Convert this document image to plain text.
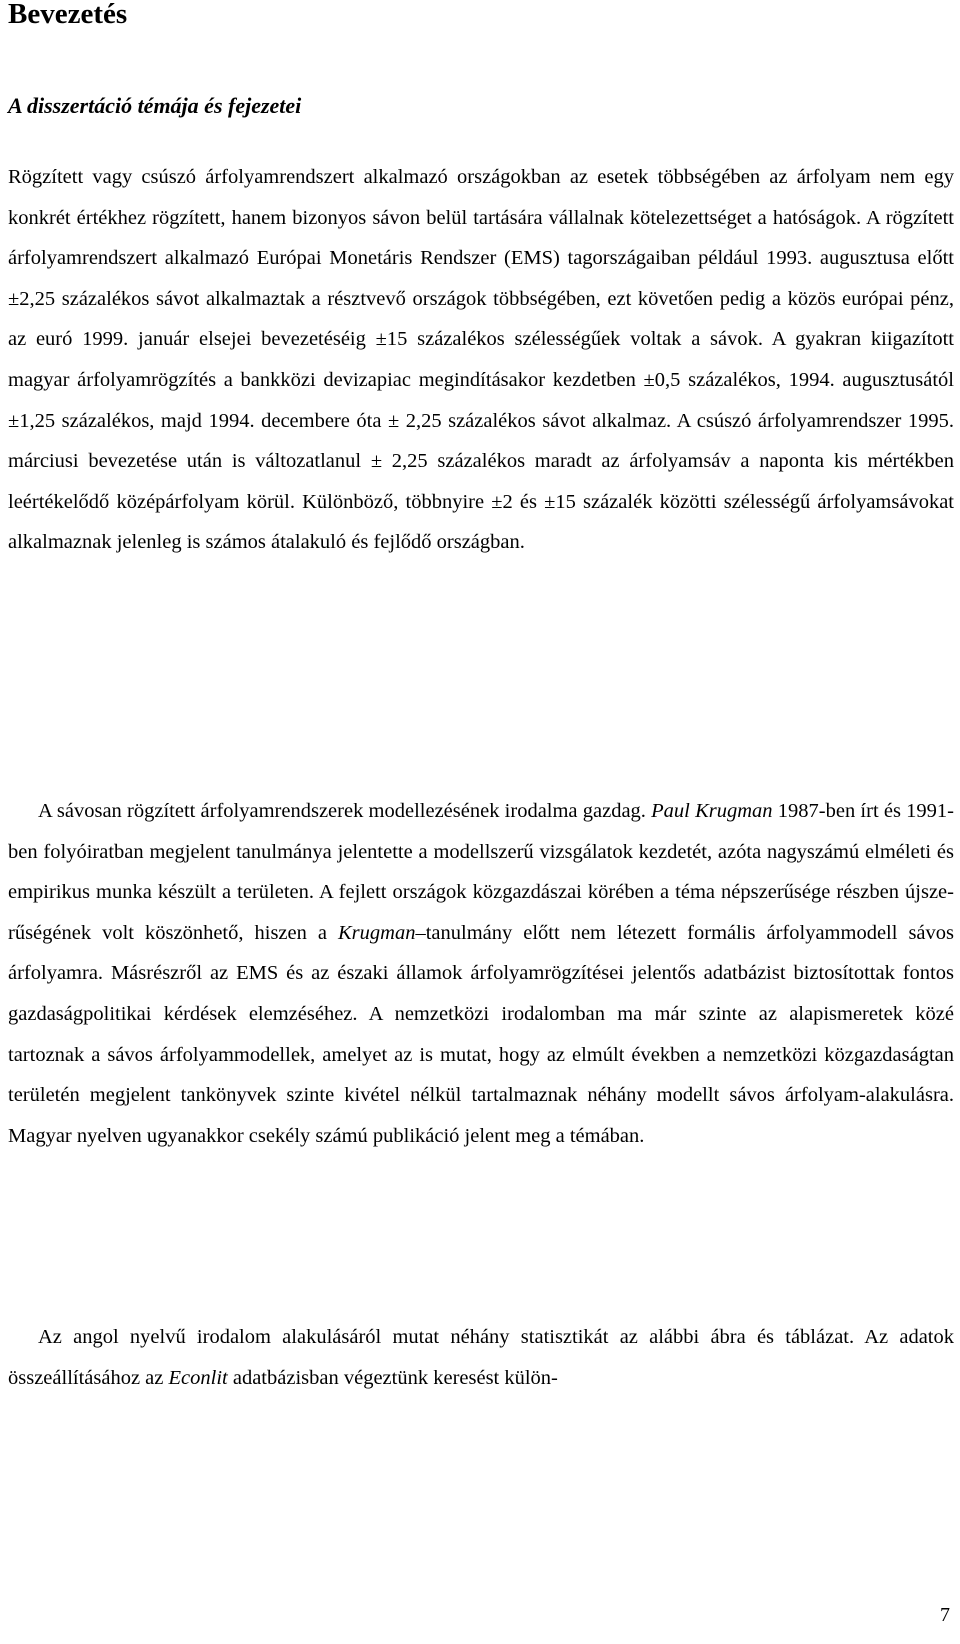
Bevezetés
A disszertáció témája és fejezetei

Rögzített vagy csúszó árfolyamrendszert alkalmazó országokban az esetek többségében az árfolyam nem egy konkrét értékhez rögzített, hanem bizonyos sávon belül tartására vállalnak kötelezettséget a hatóságok. A rögzített árfolyamrendszert alkalmazó Európai Monetáris Rendszer (EMS) tagországaiban például 1993. augusztusa előtt ±2,25 százalékos sávot alkalmaztak a résztvevő országok többségében, ezt követően pedig a közös európai pénz, az euró 1999. január elsejei bevezetéséig ±15 százalékos szélességűek voltak a sávok. A gyakran kiigazított magyar árfolyamrögzítés a bankközi devizapiac megindításakor kezdetben ±0,5 százalékos, 1994. augusztusától ±1,25 százalékos, majd 1994. decembere óta ± 2,25 százalékos sávot alkalmaz. A csúszó árfolyamrendszer 1995. márciusi bevezetése után is változatlanul ± 2,25 százalékos maradt az árfolyamsáv a naponta kis mértékben leértékelődő középárfolyam körül. Különböző, többnyire ±2 és ±15 százalék közötti szélességű árfolyamsávokat alkalmaznak jelenleg is számos átalakuló és fejlődő országban.

A sávosan rögzített árfolyamrendszerek modellezésének irodalma gazdag. Paul Krugman 1987-ben írt és 1991-ben folyóiratban megjelent tanulmánya jelentette a modellszerű vizsgálatok kezdetét, azóta nagyszámú elméleti és empirikus munka készült a területen. A fejlett országok közgazdászai körében a téma népszerűsége részben újszerűségének volt köszönhető, hiszen a Krugman–tanulmány előtt nem létezett formális árfolyammodell sávos árfolyamra. Másrészről az EMS és az északi államok árfolyamrögzítései jelentős adatbázist biztosítottak fontos gazdaságpolitikai kérdések elemzéséhez. A nemzetközi irodalomban ma már szinte az alapismeretek közé tartoznak a sávos árfolyammodellek, amelyet az is mutat, hogy az elmúlt években a nemzetközi közgazdaságtan területén megjelent tankönyvek szinte kivétel nélkül tartalmaznak néhány modellt sávos árfolyam-alakulásra. Magyar nyelven ugyanakkor csekély számú publikáció jelent meg a témában.

Az angol nyelvű irodalom alakulásáról mutat néhány statisztikát az alábbi ábra és táblázat. Az adatok összeállításához az Econlit adatbázisban végeztünk keresést külön-

7
